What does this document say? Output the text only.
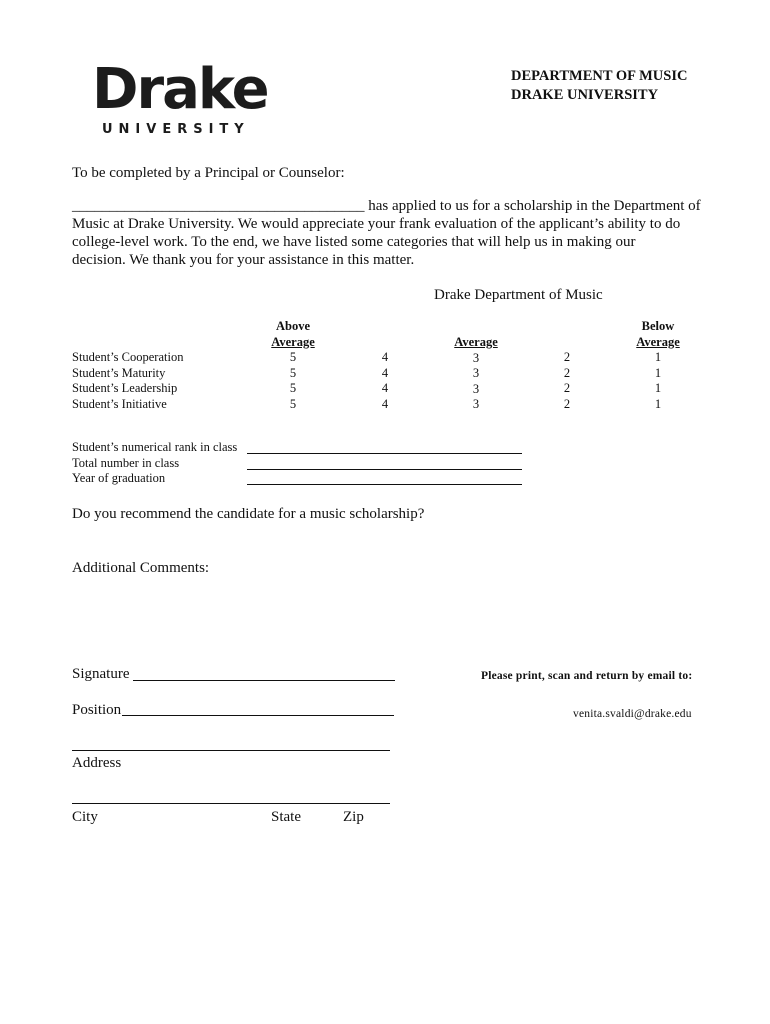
Drake
UNIVERSITY
DEPARTMENT OF MUSIC
DRAKE UNIVERSITY
To be completed by a Principal or Counselor:
_______________________________________ has applied to us for a scholarship in the Department of
Music at Drake University. We would appreciate your frank evaluation of the applicant’s ability to do
college-level work. To the end, we have listed some categories that will help us in making our
decision. We thank you for your assistance in this matter.
Drake Department of Music
Student’s Cooperation
Student’s Maturity
Student’s Leadership
Student’s Initiative
Above
Average
5
5
5
5
4
4
4
4
Average
3
3
3
3
2
2
2
2
Below
Average
1
1
1
1
Student’s numerical rank in class
Total number in class
Year of graduation
Do you recommend the candidate for a music scholarship?
Additional Comments:
Signature
Position
Please print, scan and return by email to:
venita.svaldi@drake.edu
Address
City	State	Zip
